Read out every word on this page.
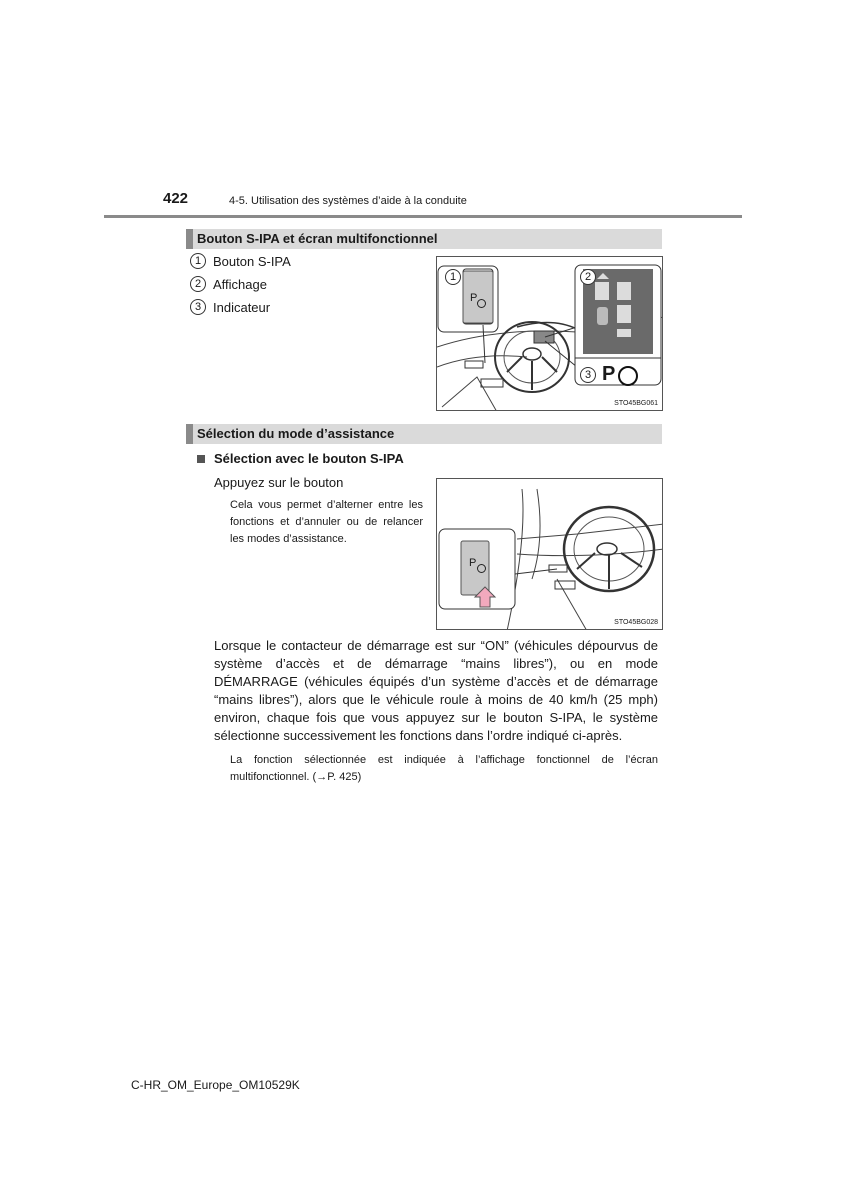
422	4-5. Utilisation des systèmes d’aide à la conduite
Bouton S-IPA et écran multifonctionnel
1 Bouton S-IPA
2 Affichage
3 Indicateur
1
P
2
3 P
STO45BG061
Sélection du mode d’assistance
Sélection avec le bouton S-IPA
Appuyez sur le bouton
Cela vous permet d’alterner entre les fonctions et d’annuler ou de relancer les modes d’assistance.
P
STO45BG028
Lorsque le contacteur de démarrage est sur “ON” (véhicules dépourvus de système d’accès et de démarrage “mains libres”), ou en mode DÉMARRAGE (véhicules équipés d’un système d’accès et de démarrage “mains libres”), alors que le véhicule roule à moins de 40 km/h (25 mph) environ, chaque fois que vous appuyez sur le bouton S-IPA, le système sélectionne successivement les fonctions dans l’ordre indiqué ci-après.
La fonction sélectionnée est indiquée à l’affichage fonctionnel de l’écran multifonctionnel. (→P. 425)
C-HR_OM_Europe_OM10529K
